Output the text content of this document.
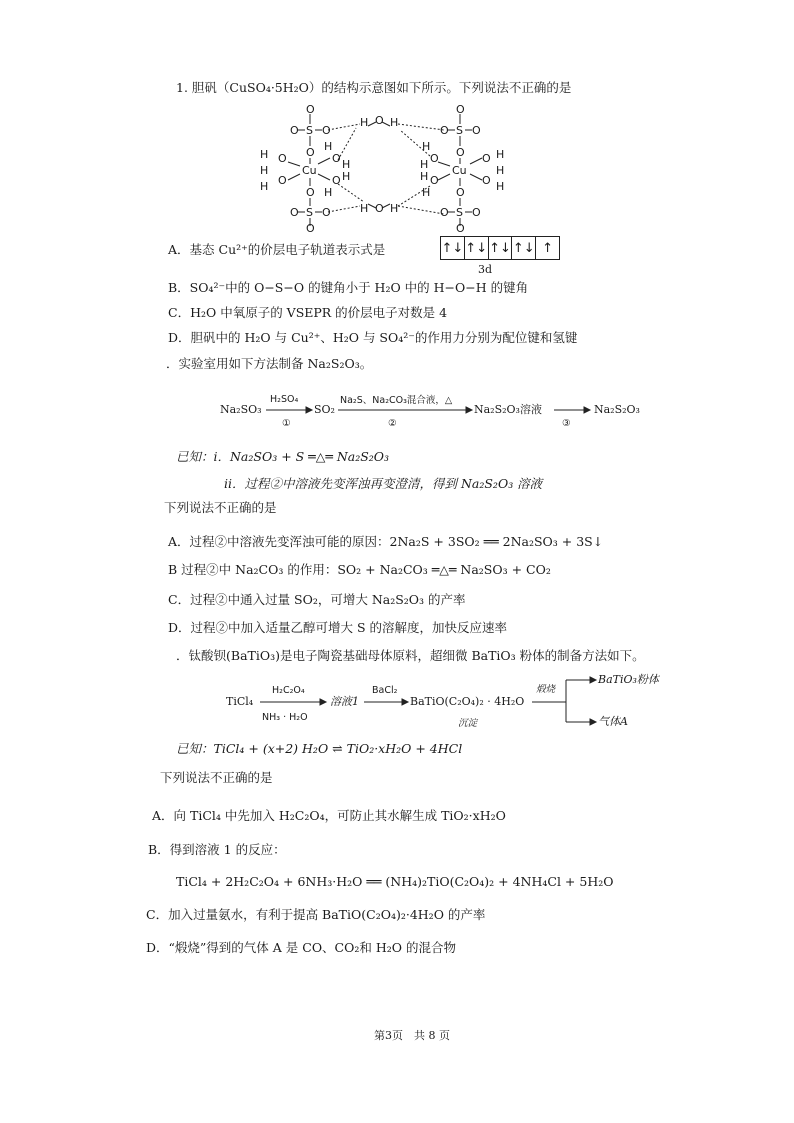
1. 胆矾（CuSO₄·5H₂O）的结构示意图如下所示。下列说法不正确的是
O
O S O
O
Cu
H O
H
H O
H
O H
O H
H
O
O S O
O
H O H
H O H
O
O S O
O
Cu
H
O
H
O
H
H
O H
H
O H
O
O S O
O
A．基态 Cu²⁺的价层电子轨道表示式是	↑↓ ↑↓ ↑↓ ↑↓ ↑
3d
B．SO₄²⁻中的 O−S−O 的键角小于 H₂O 中的 H−O−H 的键角
C．H₂O 中氧原子的 VSEPR 的价层电子对数是 4
D．胆矾中的 H₂O 与 Cu²⁺、H₂O 与 SO₄²⁻的作用力分别为配位键和氢键
．实验室用如下方法制备 Na₂S₂O₃。
Na₂SO₃
H₂SO₄
①
SO₂
Na₂S、Na₂CO₃混合液，△
②
Na₂S₂O₃溶液
③
Na₂S₂O₃
已知：i．Na₂SO₃ + S ═△═ Na₂S₂O₃
ii．过程②中溶液先变浑浊再变澄清，得到 Na₂S₂O₃ 溶液
下列说法不正确的是
A．过程②中溶液先变浑浊可能的原因：2Na₂S + 3SO₂ ══ 2Na₂SO₃ + 3S↓
B 过程②中 Na₂CO₃ 的作用：SO₂ + Na₂CO₃ ═△═ Na₂SO₃ + CO₂
C．过程②中通入过量 SO₂，可增大 Na₂S₂O₃ 的产率
D．过程②中加入适量乙醇可增大 S 的溶解度，加快反应速率
．钛酸钡(BaTiO₃)是电子陶瓷基础母体原料，超细微 BaTiO₃ 粉体的制备方法如下。
TiCl₄
H₂C₂O₄
NH₃ · H₂O
溶液1
BaCl₂
BaTiO(C₂O₄)₂ · 4H₂O
沉淀
煅烧
BaTiO₃粉体
气体A
已知：TiCl₄ + (x+2) H₂O ⇌ TiO₂·xH₂O + 4HCl
下列说法不正确的是
A．向 TiCl₄ 中先加入 H₂C₂O₄，可防止其水解生成 TiO₂·xH₂O
B．得到溶液 1 的反应：
TiCl₄ + 2H₂C₂O₄ + 6NH₃·H₂O ══ (NH₄)₂TiO(C₂O₄)₂ + 4NH₄Cl + 5H₂O
C．加入过量氨水，有利于提高 BaTiO(C₂O₄)₂·4H₂O 的产率
D．“煅烧”得到的气体 A 是 CO、CO₂和 H₂O 的混合物
第3页　共 8 页
